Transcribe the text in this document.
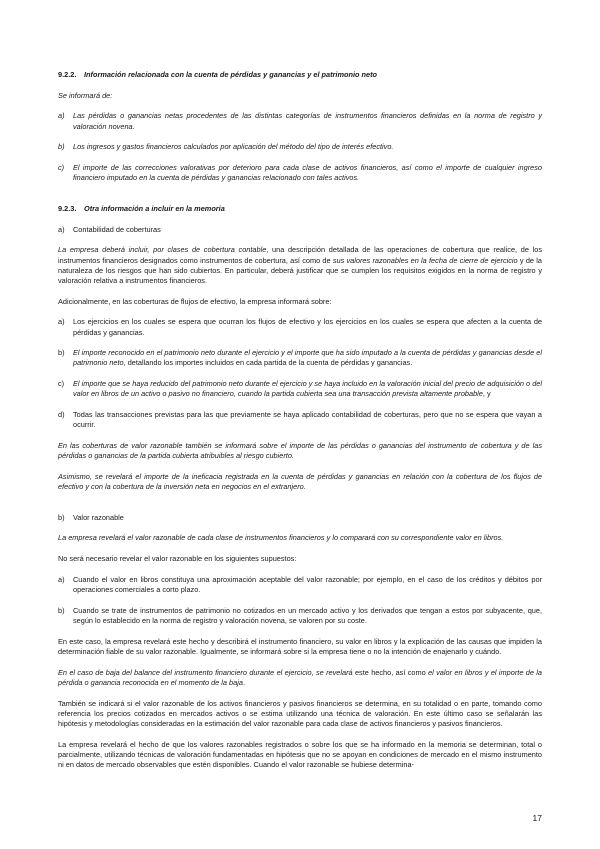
9.2.2. Información relacionada con la cuenta de pérdidas y ganancias y el patrimonio neto

Se informará de:

a)	Las pérdidas o ganancias netas procedentes de las distintas categorías de instrumentos financieros definidas en la norma de registro y valoración novena.
b)	Los ingresos y gastos financieros calculados por aplicación del método del tipo de interés efectivo.
c)	El importe de las correcciones valorativas por deterioro para cada clase de activos financieros, así como el importe de cualquier ingreso financiero imputado en la cuenta de pérdidas y ganancias relacionado con tales activos.
9.2.3. Otra información a incluir en la memoria
a) Contabilidad de coberturas

La empresa deberá incluir, por clases de cobertura contable, una descripción detallada de las operaciones de cobertura que realice, de los instrumentos financieros designados como instrumentos de cobertura, así como de sus valores razonables en la fecha de cierre de ejercicio y de la naturaleza de los riesgos que han sido cubiertos. En particular, deberá justificar que se cumplen los requisitos exigidos en la norma de registro y valoración relativa a instrumentos financieros.

Adicionalmente, en las coberturas de flujos de efectivo, la empresa informará sobre:

a)	Los ejercicios en los cuales se espera que ocurran los flujos de efectivo y los ejercicios en los cuales se espera que afecten a la cuenta de pérdidas y ganancias.
b)	El importe reconocido en el patrimonio neto durante el ejercicio y el importe que ha sido imputado a la cuenta de pérdidas y ganancias desde el patrimonio neto, detallando los importes incluidos en cada partida de la cuenta de pérdidas y ganancias.
c)	El importe que se haya reducido del patrimonio neto durante el ejercicio y se haya incluido en la valoración inicial del precio de adquisición o del valor en libros de un activo o pasivo no financiero, cuando la partida cubierta sea una transacción prevista altamente probable, y
d)	Todas las transacciones previstas para las que previamente se haya aplicado contabilidad de coberturas, pero que no se espera que vayan a ocurrir.

En las coberturas de valor razonable también se informará sobre el importe de las pérdidas o ganancias del instrumento de cobertura y de las pérdidas o ganancias de la partida cubierta atribuibles al riesgo cubierto.

Asimismo, se revelará el importe de la ineficacia registrada en la cuenta de pérdidas y ganancias en relación con la cobertura de los flujos de efectivo y con la cobertura de la inversión neta en negocios en el extranjero.

b) Valor razonable

La empresa revelará el valor razonable de cada clase de instrumentos financieros y lo comparará con su correspondiente valor en libros.

No será necesario revelar el valor razonable en los siguientes supuestos:

a)	Cuando el valor en libros constituya una aproximación aceptable del valor razonable; por ejemplo, en el caso de los créditos y débitos por operaciones comerciales a corto plazo.
b)	Cuando se trate de instrumentos de patrimonio no cotizados en un mercado activo y los derivados que tengan a estos por subyacente, que, según lo establecido en la norma de registro y valoración novena, se valoren por su coste.

En este caso, la empresa revelará este hecho y describirá el instrumento financiero, su valor en libros y la explicación de las causas que impiden la determinación fiable de su valor razonable. Igualmente, se informará sobre si la empresa tiene o no la intención de enajenarlo y cuándo.

En el caso de baja del balance del instrumento financiero durante el ejercicio, se revelará este hecho, así como el valor en libros y el importe de la pérdida o ganancia reconocida en el momento de la baja.

También se indicará si el valor razonable de los activos financieros y pasivos financieros se determina, en su totalidad o en parte, tomando como referencia los precios cotizados en mercados activos o se estima utilizando una técnica de valoración. En este último caso se señalarán las hipótesis y metodologías consideradas en la estimación del valor razonable para cada clase de activos financieros y pasivos financieros.

La empresa revelará el hecho de que los valores razonables registrados o sobre los que se ha informado en la memoria se determinan, total o parcialmente, utilizando técnicas de valoración fundamentadas en hipótesis que no se apoyan en condiciones de mercado en el mismo instrumento ni en datos de mercado observables que estén disponibles. Cuando el valor razonable se hubiese determina-

17
